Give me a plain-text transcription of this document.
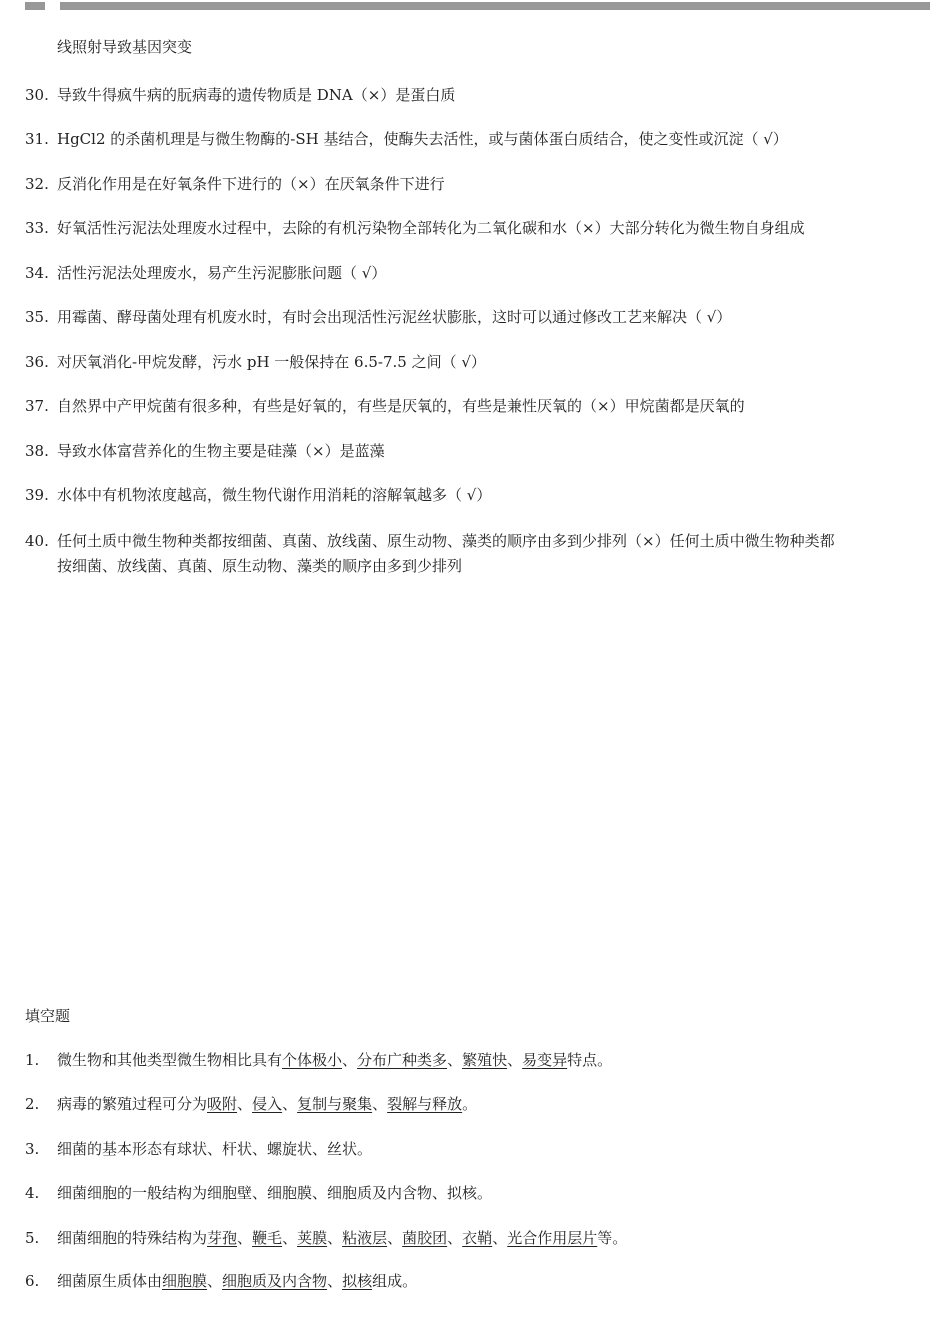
线照射导致基因突变
30. 导致牛得疯牛病的朊病毒的遗传物质是 DNA（×）是蛋白质
31. HgCl2 的杀菌机理是与微生物酶的-SH 基结合，使酶失去活性，或与菌体蛋白质结合，使之变性或沉淀（ √）
32. 反消化作用是在好氧条件下进行的（×）在厌氧条件下进行
33. 好氧活性污泥法处理废水过程中，去除的有机污染物全部转化为二氧化碳和水（×）大部分转化为微生物自身组成
34. 活性污泥法处理废水，易产生污泥膨胀问题（ √）
35. 用霉菌、酵母菌处理有机废水时，有时会出现活性污泥丝状膨胀，这时可以通过修改工艺来解决（ √）
36. 对厌氧消化-甲烷发酵，污水 pH 一般保持在 6.5-7.5 之间（ √）
37. 自然界中产甲烷菌有很多种，有些是好氧的，有些是厌氧的，有些是兼性厌氧的（×）甲烷菌都是厌氧的
38. 导致水体富营养化的生物主要是硅藻（×）是蓝藻
39. 水体中有机物浓度越高，微生物代谢作用消耗的溶解氧越多（ √）
40. 任何土质中微生物种类都按细菌、真菌、放线菌、原生动物、藻类的顺序由多到少排列（×）任何土质中微生物种类都
按细菌、放线菌、真菌、原生动物、藻类的顺序由多到少排列
填空题
1. 微生物和其他类型微生物相比具有个体极小、分布广种类多、繁殖快、易变异特点。
2. 病毒的繁殖过程可分为吸附、侵入、复制与聚集、裂解与释放。
3. 细菌的基本形态有球状、杆状、螺旋状、丝状。
4. 细菌细胞的一般结构为细胞壁、细胞膜、细胞质及内含物、拟核。
5. 细菌细胞的特殊结构为芽孢、鞭毛、荚膜、粘液层、菌胶团、衣鞘、光合作用层片等。
6. 细菌原生质体由细胞膜、细胞质及内含物、拟核组成。
